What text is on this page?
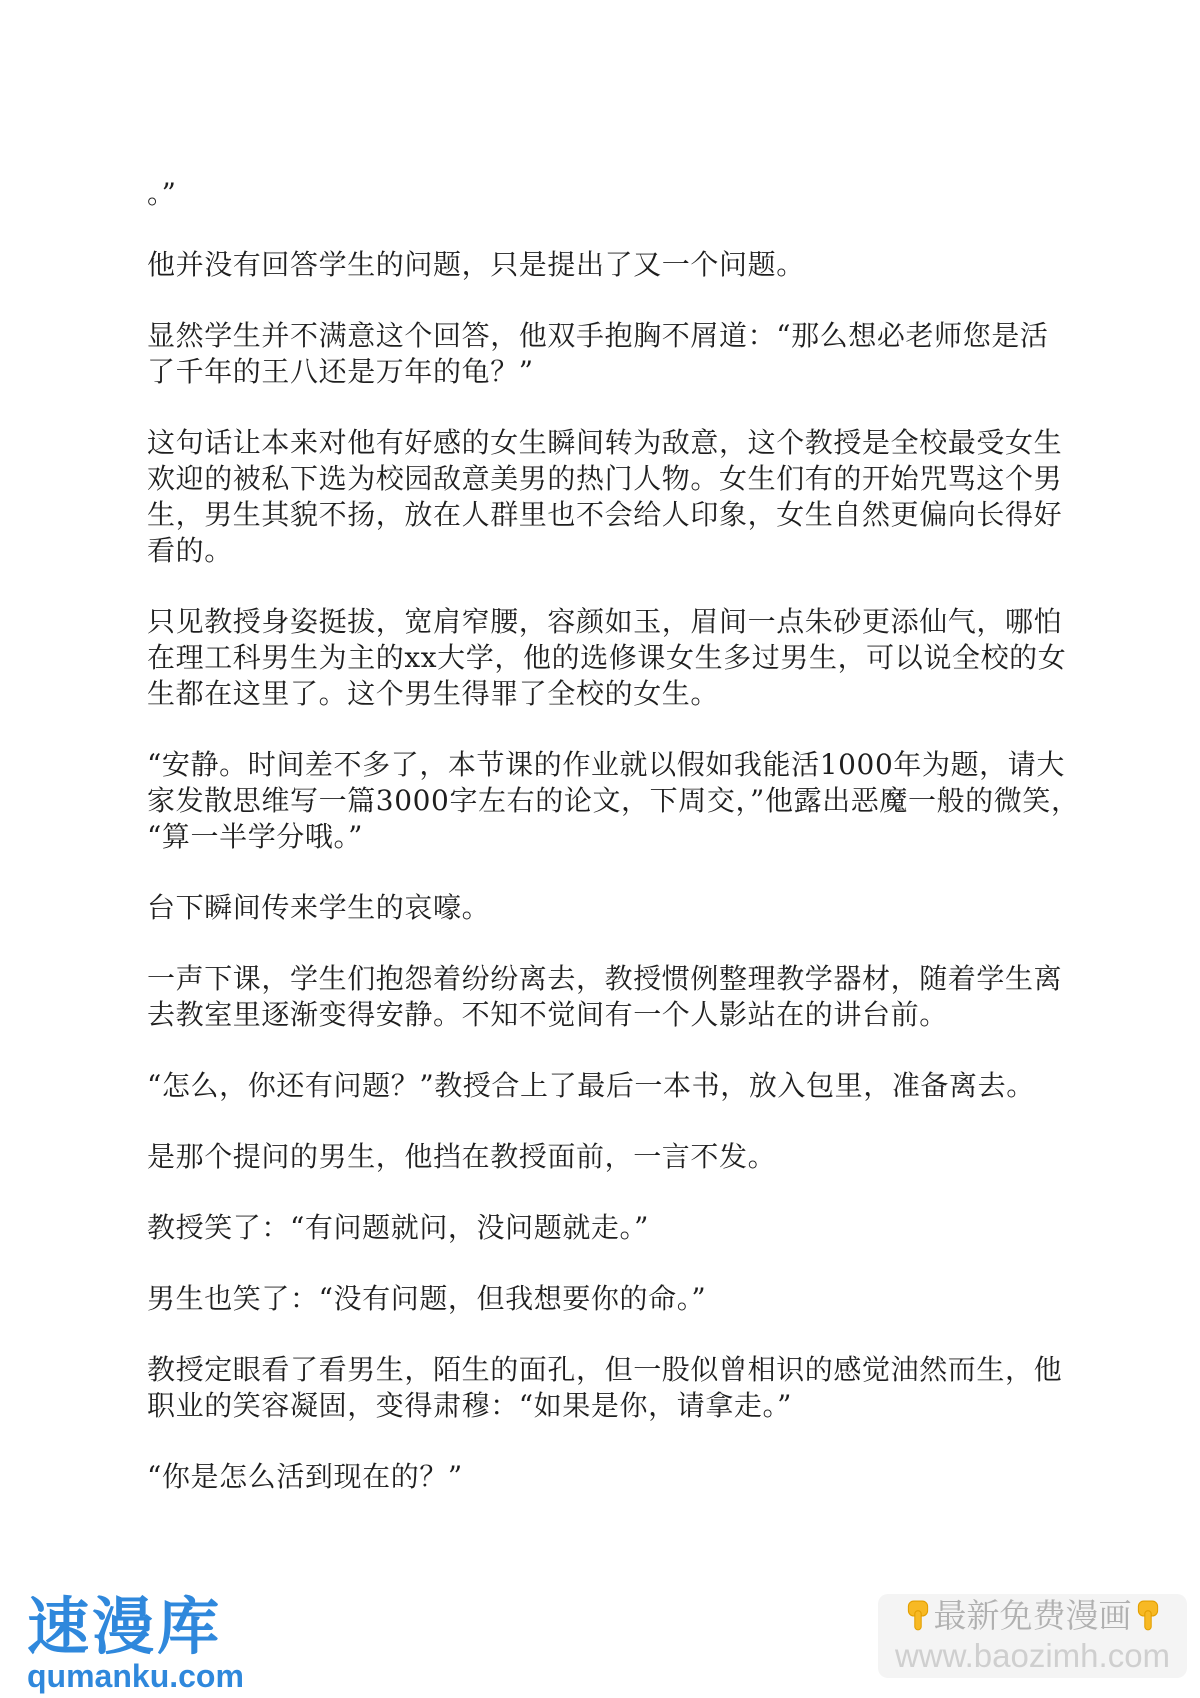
。”
他并没有回答学生的问题，只是提出了又一个问题。
显然学生并不满意这个回答，他双手抱胸不屑道：“那么想必老师您是活
了千年的王八还是万年的龟？”
这句话让本来对他有好感的女生瞬间转为敌意，这个教授是全校最受女生
欢迎的被私下选为校园敌意美男的热门人物。女生们有的开始咒骂这个男
生，男生其貌不扬，放在人群里也不会给人印象，女生自然更偏向长得好
看的。
只见教授身姿挺拔，宽肩窄腰，容颜如玉，眉间一点朱砂更添仙气，哪怕
在理工科男生为主的xx大学，他的选修课女生多过男生，可以说全校的女
生都在这里了。这个男生得罪了全校的女生。
“安静。时间差不多了，本节课的作业就以假如我能活1000年为题，请大
家发散思维写一篇3000字左右的论文，下周交，”他露出恶魔一般的微笑，
“算一半学分哦。”
台下瞬间传来学生的哀嚎。
一声下课，学生们抱怨着纷纷离去，教授惯例整理教学器材，随着学生离
去教室里逐渐变得安静。不知不觉间有一个人影站在的讲台前。
“怎么，你还有问题？”教授合上了最后一本书，放入包里，准备离去。
是那个提问的男生，他挡在教授面前，一言不发。
教授笑了：“有问题就问，没问题就走。”
男生也笑了：“没有问题，但我想要你的命。”
教授定眼看了看男生，陌生的面孔，但一股似曾相识的感觉油然而生，他
职业的笑容凝固，变得肃穆：“如果是你，请拿走。”
“你是怎么活到现在的？”
速漫库
qumanku.com
最新免费漫画
www.baozimh.com
